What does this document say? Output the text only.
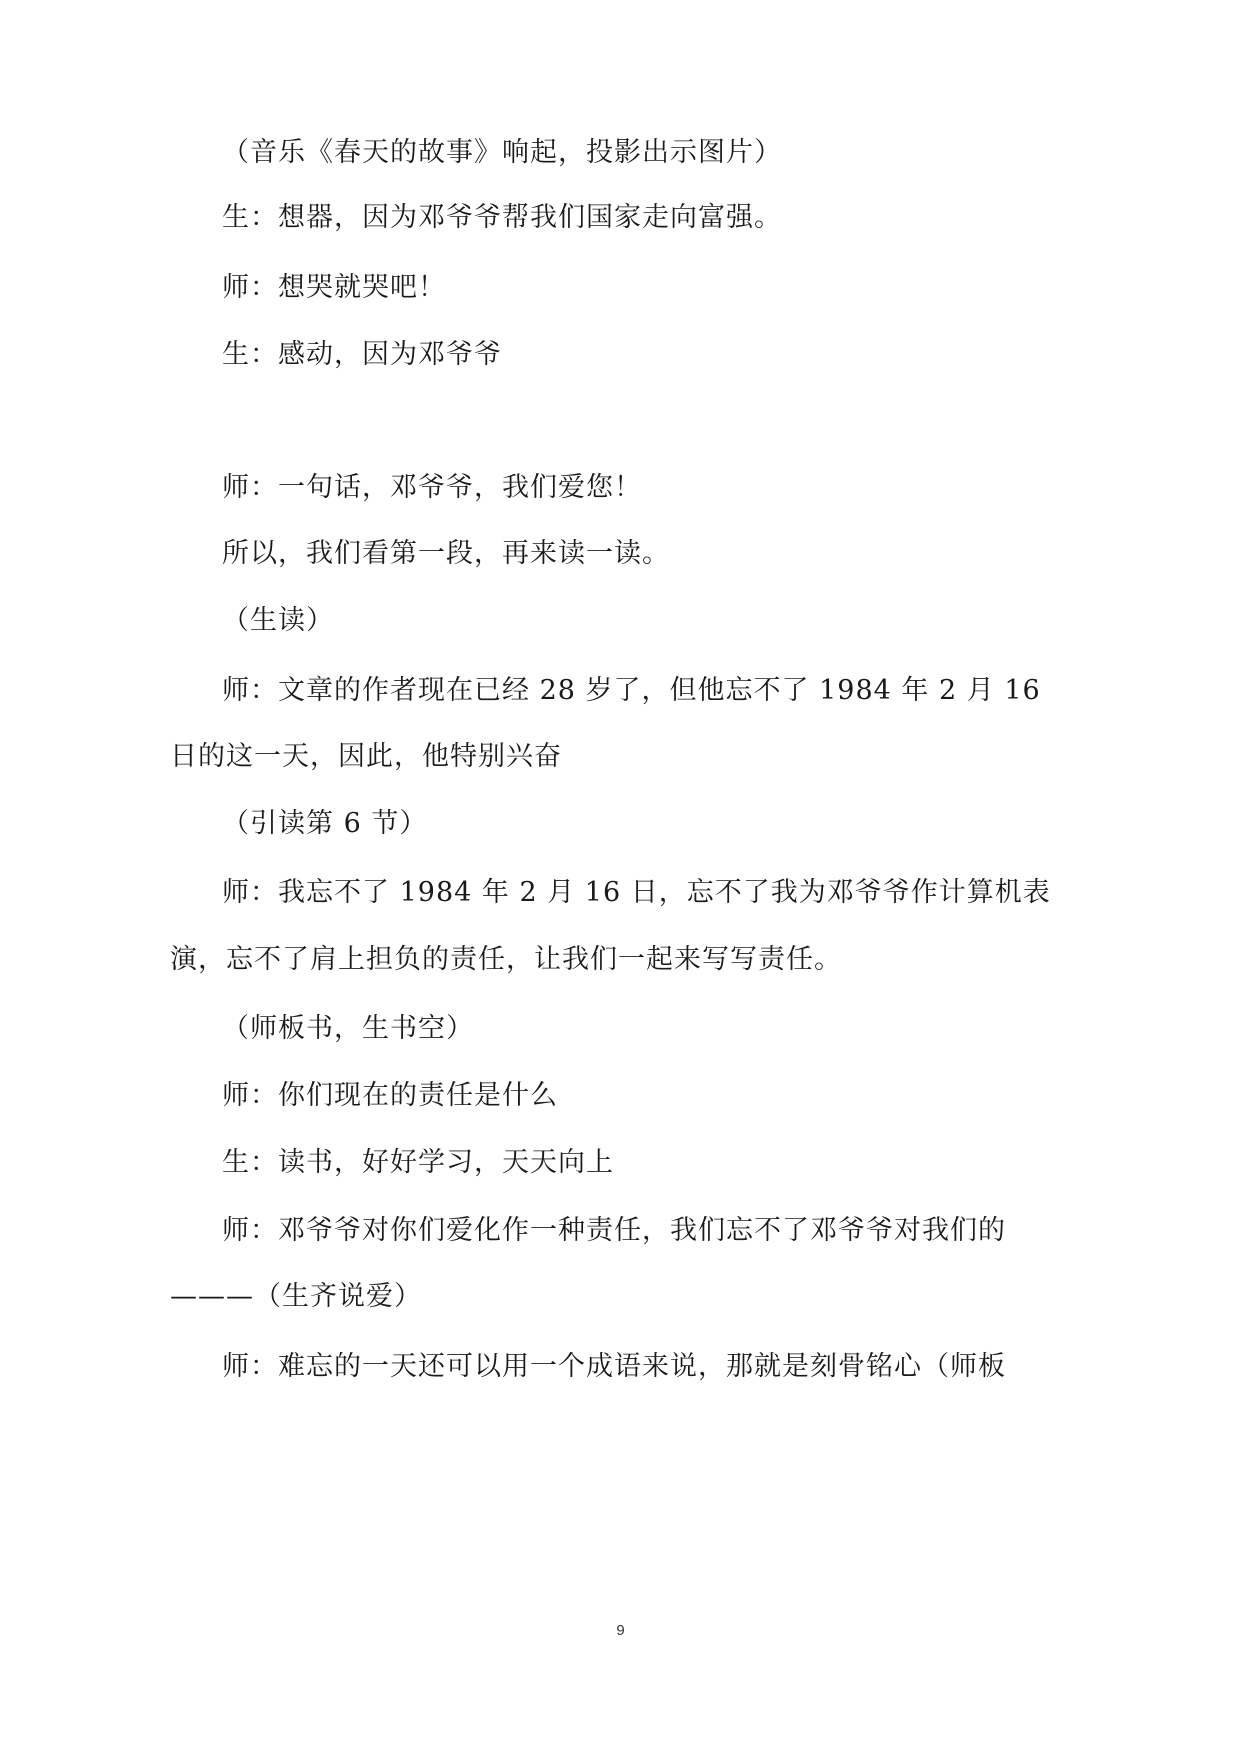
（音乐《春天的故事》响起，投影出示图片）
生：想器，因为邓爷爷帮我们国家走向富强。
师：想哭就哭吧！
生：感动，因为邓爷爷
师：一句话，邓爷爷，我们爱您！
所以，我们看第一段，再来读一读。
（生读）
师：文章的作者现在已经 28 岁了，但他忘不了 1984 年 2 月 16
日的这一天，因此，他特别兴奋
（引读第 6 节）
师：我忘不了 1984 年 2 月 16 日，忘不了我为邓爷爷作计算机表
演，忘不了肩上担负的责任，让我们一起来写写责任。
（师板书，生书空）
师：你们现在的责任是什么
生：读书，好好学习，天天向上
师：邓爷爷对你们爱化作一种责任，我们忘不了邓爷爷对我们的
———（生齐说爱）
师：难忘的一天还可以用一个成语来说，那就是刻骨铭心（师板
9
